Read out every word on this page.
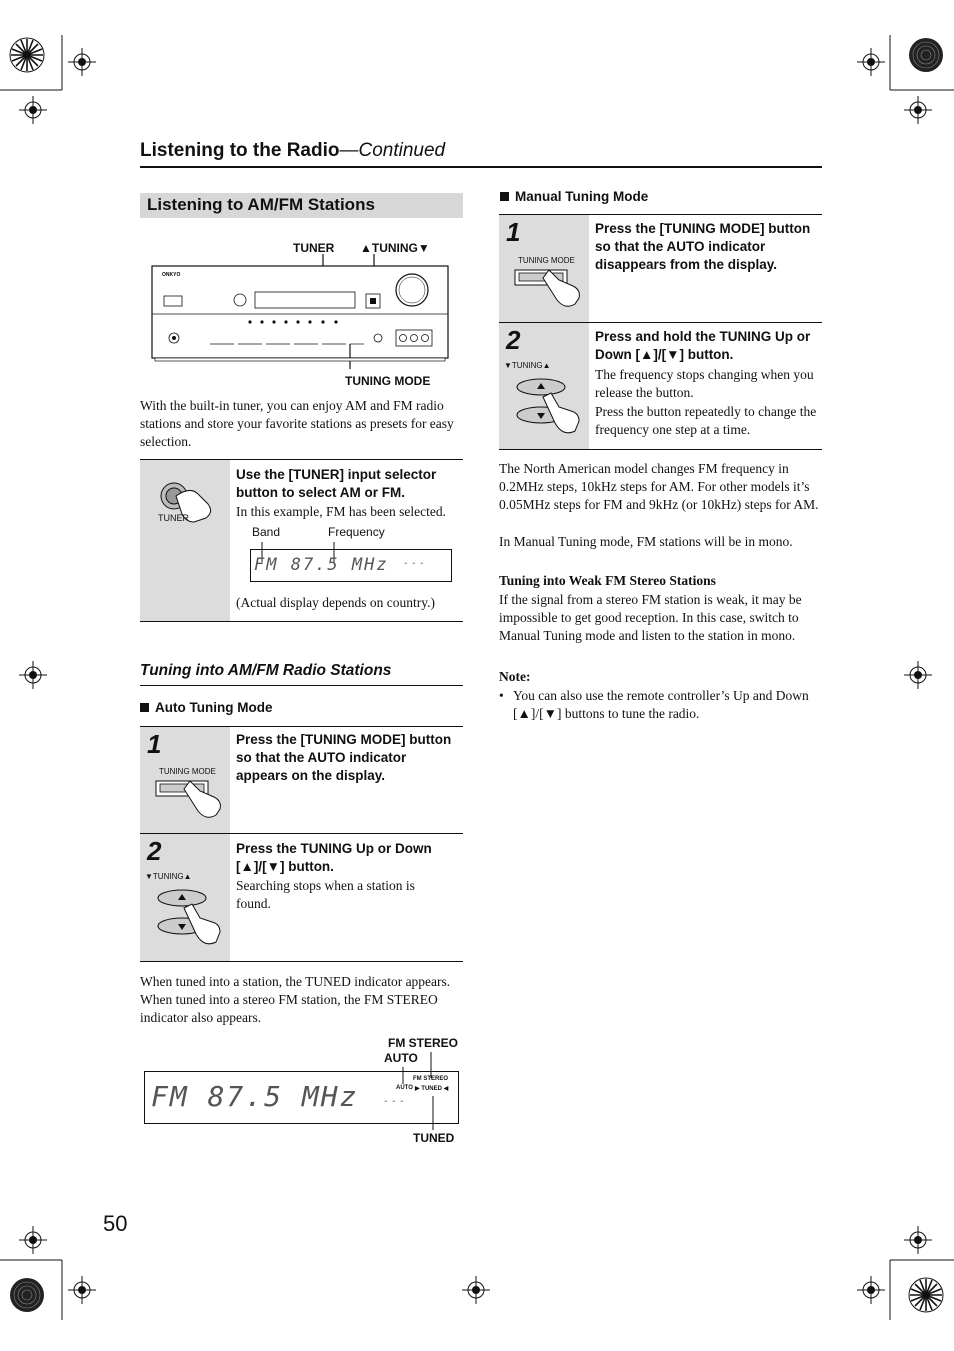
Listening to the Radio—Continued
Listening to AM/FM Stations
TUNER ▲TUNING▼
ONKYO
TUNING MODE
With the built-in tuner, you can enjoy AM and FM radio stations and store your favorite stations as presets for easy selection.
TUNER
Use the [TUNER] input selector button to select AM or FM.
In this example, FM has been selected.
Band	Frequency
FM 87.5 MHz ---
(Actual display depends on country.)
Tuning into AM/FM Radio Stations
Auto Tuning Mode
1
TUNING MODE
Press the [TUNING MODE] button so that the AUTO indicator appears on the display.
2
▼TUNING▲
Press the TUNING Up or Down
[▲]/[▼] button.
Searching stops when a station is found.
When tuned into a station, the TUNED indicator appears. When tuned into a stereo FM station, the FM STEREO indicator also appears.
FM STEREO
AUTO
FM 87.5 MHz ---
FM STEREO
AUTO ▶ TUNED ◀
TUNED
Manual Tuning Mode
1
TUNING MODE
Press the [TUNING MODE] button so that the AUTO indicator disappears from the display.
2
▼TUNING▲
Press and hold the TUNING Up or
Down [▲]/[▼] button.
The frequency stops changing when you release the button.
Press the button repeatedly to change the frequency one step at a time.
The North American model changes FM frequency in 0.2MHz steps, 10kHz steps for AM. For other models it’s 0.05MHz steps for FM and 9kHz (or 10kHz) steps for AM.
In Manual Tuning mode, FM stations will be in mono.
Tuning into Weak FM Stereo Stations
If the signal from a stereo FM station is weak, it may be impossible to get good reception. In this case, switch to Manual Tuning mode and listen to the station in mono.
Note:
• You can also use the remote controller’s Up and Down [▲]/[▼] buttons to tune the radio.
50
